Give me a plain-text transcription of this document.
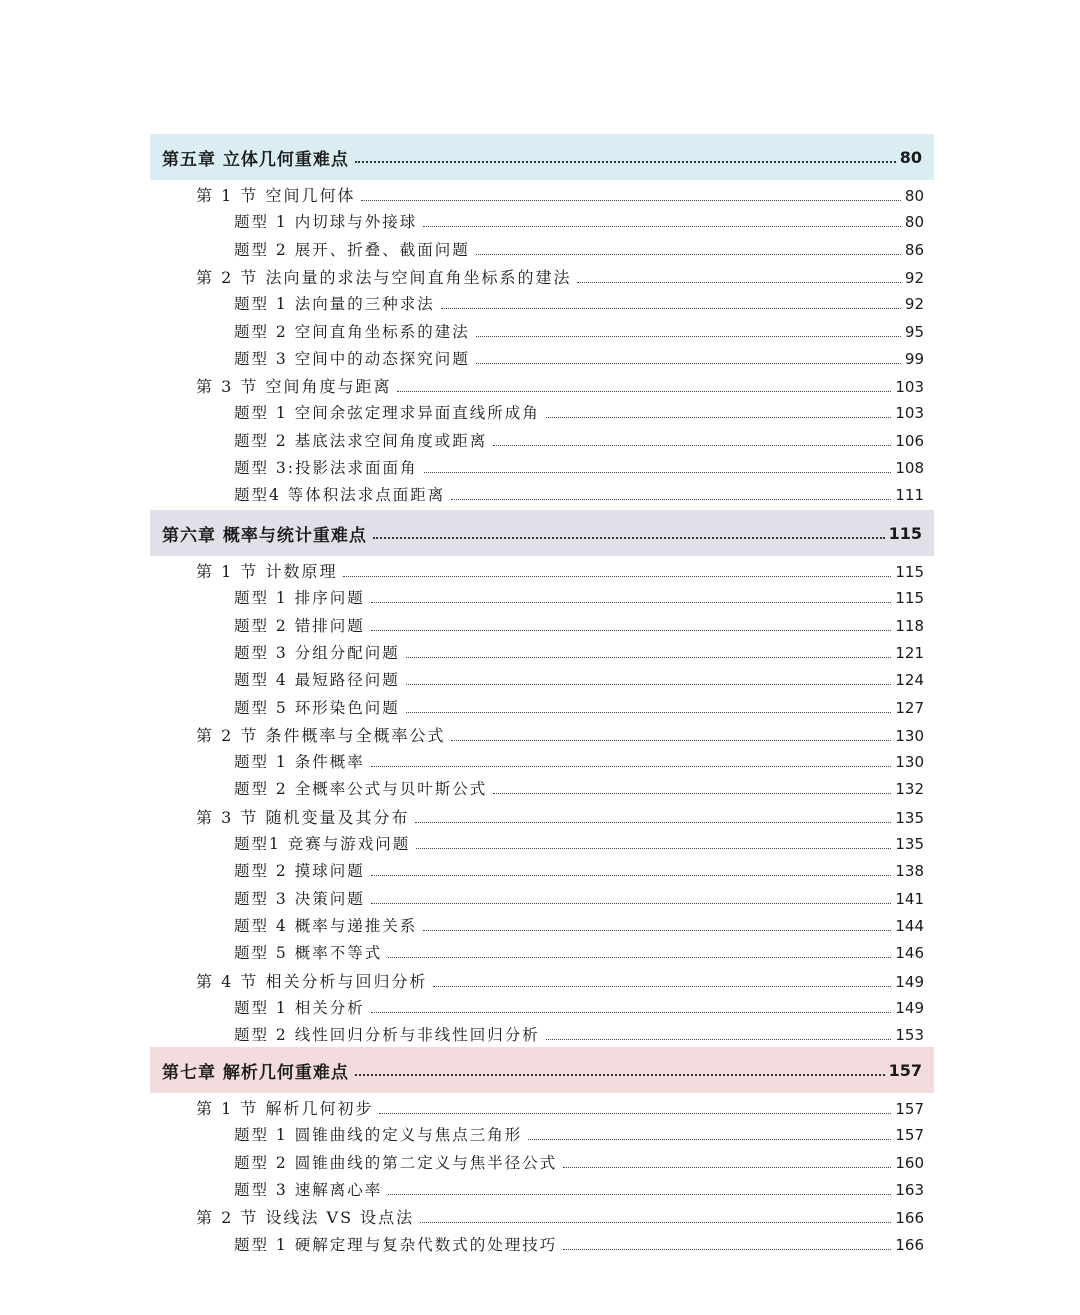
第五章 立体几何重难点	80
第 1 节 空间几何体	80
题型 1 内切球与外接球	80
题型 2 展开、折叠、截面问题	86
第 2 节 法向量的求法与空间直角坐标系的建法	92
题型 1 法向量的三种求法	92
题型 2 空间直角坐标系的建法	95
题型 3 空间中的动态探究问题	99
第 3 节 空间角度与距离	103
题型 1 空间余弦定理求异面直线所成角	103
题型 2 基底法求空间角度或距离	106
题型 3:投影法求面面角	108
题型4 等体积法求点面距离	111
第六章 概率与统计重难点	115
第 1 节 计数原理	115
题型 1 排序问题	115
题型 2 错排问题	118
题型 3 分组分配问题	121
题型 4 最短路径问题	124
题型 5 环形染色问题	127
第 2 节 条件概率与全概率公式	130
题型 1 条件概率	130
题型 2 全概率公式与贝叶斯公式	132
第 3 节 随机变量及其分布	135
题型1 竞赛与游戏问题	135
题型 2 摸球问题	138
题型 3 决策问题	141
题型 4 概率与递推关系	144
题型 5 概率不等式	146
第 4 节 相关分析与回归分析	149
题型 1 相关分析	149
题型 2 线性回归分析与非线性回归分析	153
第七章 解析几何重难点	157
第 1 节 解析几何初步	157
题型 1 圆锥曲线的定义与焦点三角形	157
题型 2 圆锥曲线的第二定义与焦半径公式	160
题型 3 速解离心率	163
第 2 节 设线法 VS 设点法	166
题型 1 硬解定理与复杂代数式的处理技巧	166
